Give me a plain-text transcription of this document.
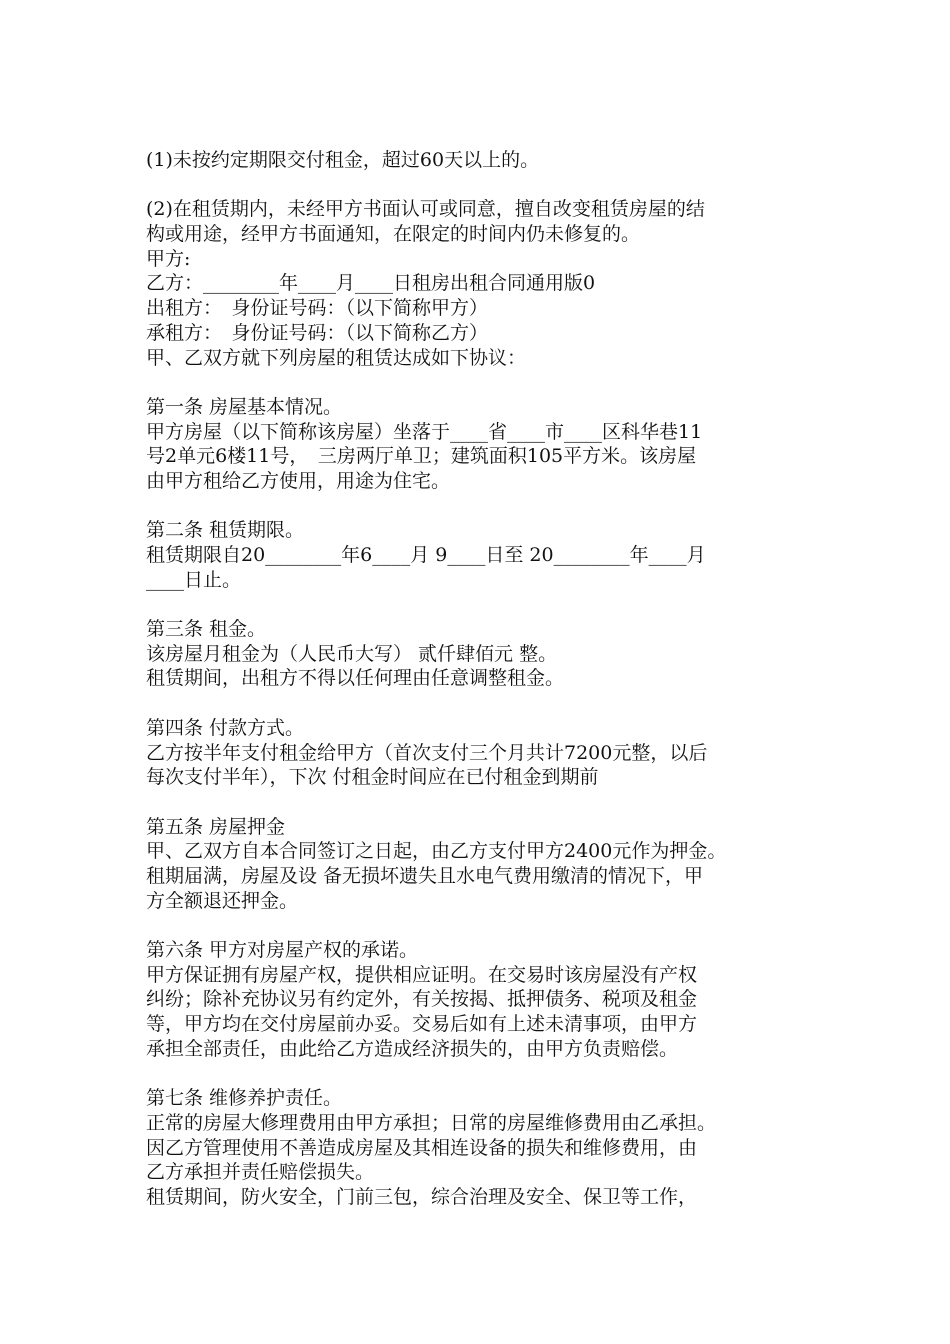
(1)未按约定期限交付租金，超过60天以上的。
(2)在租赁期内，未经甲方书面认可或同意，擅自改变租赁房屋的结
构或用途，经甲方书面通知，在限定的时间内仍未修复的。
甲方:
乙方：________年____月____日租房出租合同通用版0
出租方：　身份证号码：（以下简称甲方）
承租方：　身份证号码：（以下简称乙方）
甲、乙双方就下列房屋的租赁达成如下协议：
第一条 房屋基本情况。
甲方房屋（以下简称该房屋）坐落于____省____市____区科华巷11
号2单元6楼11号，　三房两厅单卫；建筑面积105平方米。该房屋
由甲方租给乙方使用，用途为住宅。
第二条 租赁期限。
租赁期限自20________年6____月 9____日至 20________年____月
____日止。
第三条 租金。
该房屋月租金为（人民币大写） 贰仟肆佰元 整。
租赁期间，出租方不得以任何理由任意调整租金。
第四条 付款方式。
乙方按半年支付租金给甲方（首次支付三个月共计7200元整，以后
每次支付半年），下次 付租金时间应在已付租金到期前
第五条 房屋押金
甲、乙双方自本合同签订之日起，由乙方支付甲方2400元作为押金。
租期届满，房屋及设 备无损坏遗失且水电气费用缴清的情况下，甲
方全额退还押金。
第六条 甲方对房屋产权的承诺。
甲方保证拥有房屋产权，提供相应证明。在交易时该房屋没有产权
纠纷；除补充协议另有约定外，有关按揭、抵押债务、税项及租金
等，甲方均在交付房屋前办妥。交易后如有上述未清事项，由甲方
承担全部责任，由此给乙方造成经济损失的，由甲方负责赔偿。
第七条 维修养护责任。
正常的房屋大修理费用由甲方承担；日常的房屋维修费用由乙承担。
因乙方管理使用不善造成房屋及其相连设备的损失和维修费用，由
乙方承担并责任赔偿损失。
租赁期间，防火安全，门前三包，综合治理及安全、保卫等工作，
